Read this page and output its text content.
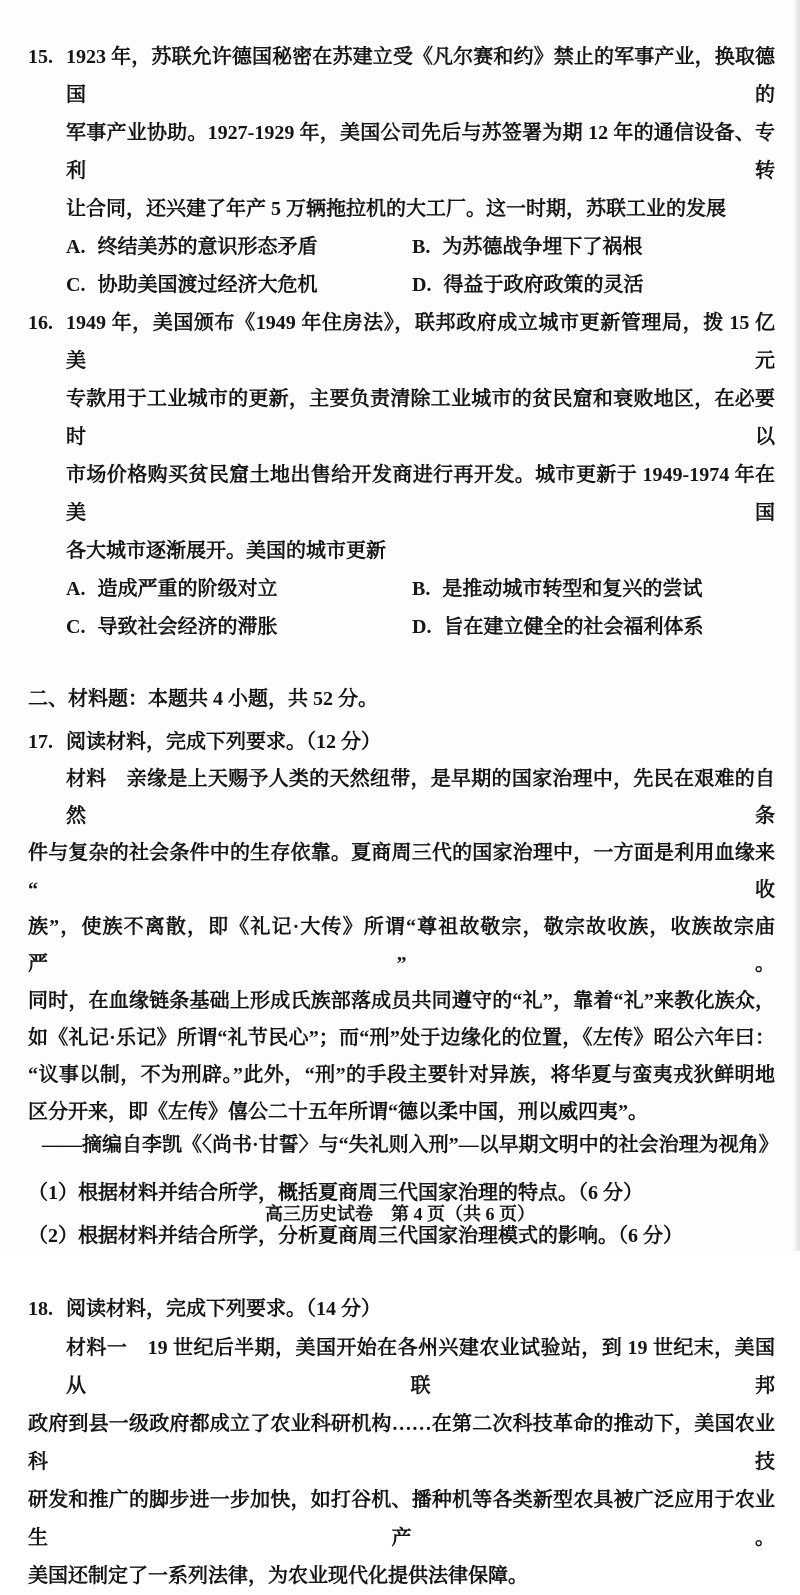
15. 1923 年，苏联允许德国秘密在苏建立受《凡尔赛和约》禁止的军事产业，换取德国的
军事产业协助。1927-1929 年，美国公司先后与苏签署为期 12 年的通信设备、专利转
让合同，还兴建了年产 5 万辆拖拉机的大工厂。这一时期，苏联工业的发展
A. 终结美苏的意识形态矛盾	B. 为苏德战争埋下了祸根
C. 协助美国渡过经济大危机	D. 得益于政府政策的灵活
16. 1949 年，美国颁布《1949 年住房法》，联邦政府成立城市更新管理局，拨 15 亿美元
专款用于工业城市的更新，主要负责清除工业城市的贫民窟和衰败地区，在必要时以
市场价格购买贫民窟土地出售给开发商进行再开发。城市更新于 1949-1974 年在美国
各大城市逐渐展开。美国的城市更新
A. 造成严重的阶级对立	B. 是推动城市转型和复兴的尝试
C. 导致社会经济的滞胀	D. 旨在建立健全的社会福利体系
二、材料题：本题共 4 小题，共 52 分。
17. 阅读材料，完成下列要求。（12 分）
材料　亲缘是上天赐予人类的天然纽带，是早期的国家治理中，先民在艰难的自然条
件与复杂的社会条件中的生存依靠。夏商周三代的国家治理中，一方面是利用血缘来“收
族”，使族不离散，即《礼记·大传》所谓“尊祖故敬宗，敬宗故收族，收族故宗庙严”。
同时，在血缘链条基础上形成氏族部落成员共同遵守的“礼”，靠着“礼”来教化族众，
如《礼记·乐记》所谓“礼节民心”；而“刑”处于边缘化的位置，《左传》昭公六年曰：
“议事以制，不为刑辟。”此外，“刑”的手段主要针对异族，将华夏与蛮夷戎狄鲜明地
区分开来，即《左传》僖公二十五年所谓“德以柔中国，刑以威四夷”。
——摘编自李凯《〈尚书·甘誓〉与“失礼则入刑”—以早期文明中的社会治理为视角》
（1）根据材料并结合所学，概括夏商周三代国家治理的特点。（6 分）
（2）根据材料并结合所学，分析夏商周三代国家治理模式的影响。（6 分）
18. 阅读材料，完成下列要求。（14 分）
材料一　19 世纪后半期，美国开始在各州兴建农业试验站，到 19 世纪末，美国从联邦
政府到县一级政府都成立了农业科研机构……在第二次科技革命的推动下，美国农业科技
研发和推广的脚步进一步加快，如打谷机、播种机等各类新型农具被广泛应用于农业生产。
美国还制定了一系列法律，为农业现代化提供法律保障。
高三历史试卷　第 4 页（共 6 页）
